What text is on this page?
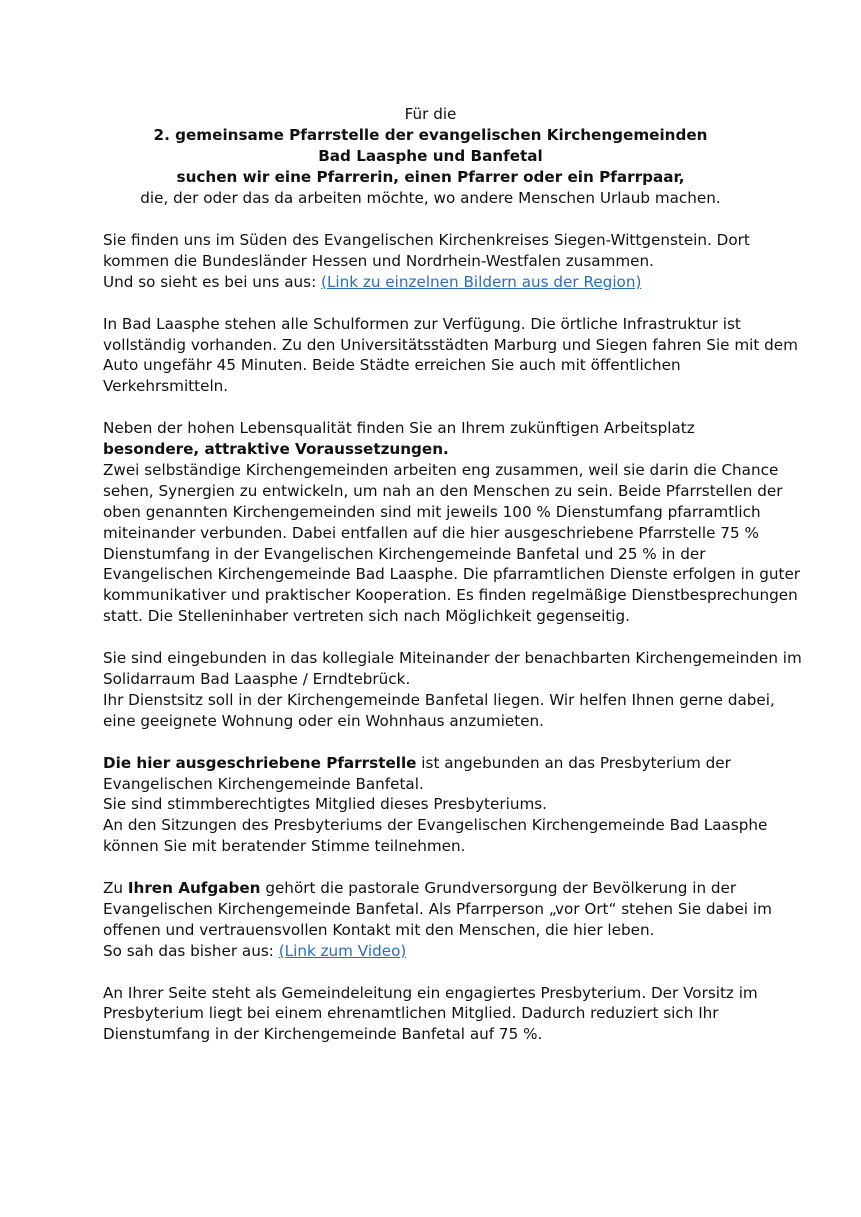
Für die
2. gemeinsame Pfarrstelle der evangelischen Kirchengemeinden
Bad Laasphe und Banfetal
suchen wir eine Pfarrerin, einen Pfarrer oder ein Pfarrpaar,
die, der oder das da arbeiten möchte, wo andere Menschen Urlaub machen.

Sie finden uns im Süden des Evangelischen Kirchenkreises Siegen-Wittgenstein. Dort kommen die Bundesländer Hessen und Nordrhein-Westfalen zusammen.
Und so sieht es bei uns aus: (Link zu einzelnen Bildern aus der Region)

In Bad Laasphe stehen alle Schulformen zur Verfügung. Die örtliche Infrastruktur ist vollständig vorhanden. Zu den Universitätsstädten Marburg und Siegen fahren Sie mit dem Auto ungefähr 45 Minuten. Beide Städte erreichen Sie auch mit öffentlichen Verkehrsmitteln.

Neben der hohen Lebensqualität finden Sie an Ihrem zukünftigen Arbeitsplatz
besondere, attraktive Voraussetzungen.
Zwei selbständige Kirchengemeinden arbeiten eng zusammen, weil sie darin die Chance sehen, Synergien zu entwickeln, um nah an den Menschen zu sein. Beide Pfarrstellen der oben genannten Kirchengemeinden sind mit jeweils 100 % Dienstumfang pfarramtlich miteinander verbunden. Dabei entfallen auf die hier ausgeschriebene Pfarrstelle 75 % Dienstumfang in der Evangelischen Kirchengemeinde Banfetal und 25 % in der Evangelischen Kirchengemeinde Bad Laasphe. Die pfarramtlichen Dienste erfolgen in guter kommunikativer und praktischer Kooperation. Es finden regelmäßige Dienstbesprechungen statt. Die Stelleninhaber vertreten sich nach Möglichkeit gegenseitig.

Sie sind eingebunden in das kollegiale Miteinander der benachbarten Kirchengemeinden im Solidarraum Bad Laasphe / Erndtebrück.
Ihr Dienstsitz soll in der Kirchengemeinde Banfetal liegen. Wir helfen Ihnen gerne dabei, eine geeignete Wohnung oder ein Wohnhaus anzumieten.

Die hier ausgeschriebene Pfarrstelle ist angebunden an das Presbyterium der Evangelischen Kirchengemeinde Banfetal.
Sie sind stimmberechtigtes Mitglied dieses Presbyteriums.
An den Sitzungen des Presbyteriums der Evangelischen Kirchengemeinde Bad Laasphe können Sie mit beratender Stimme teilnehmen.

Zu Ihren Aufgaben gehört die pastorale Grundversorgung der Bevölkerung in der Evangelischen Kirchengemeinde Banfetal. Als Pfarrperson „vor Ort“ stehen Sie dabei im offenen und vertrauensvollen Kontakt mit den Menschen, die hier leben.
So sah das bisher aus: (Link zum Video)

An Ihrer Seite steht als Gemeindeleitung ein engagiertes Presbyterium. Der Vorsitz im Presbyterium liegt bei einem ehrenamtlichen Mitglied. Dadurch reduziert sich Ihr Dienstumfang in der Kirchengemeinde Banfetal auf 75 %.
